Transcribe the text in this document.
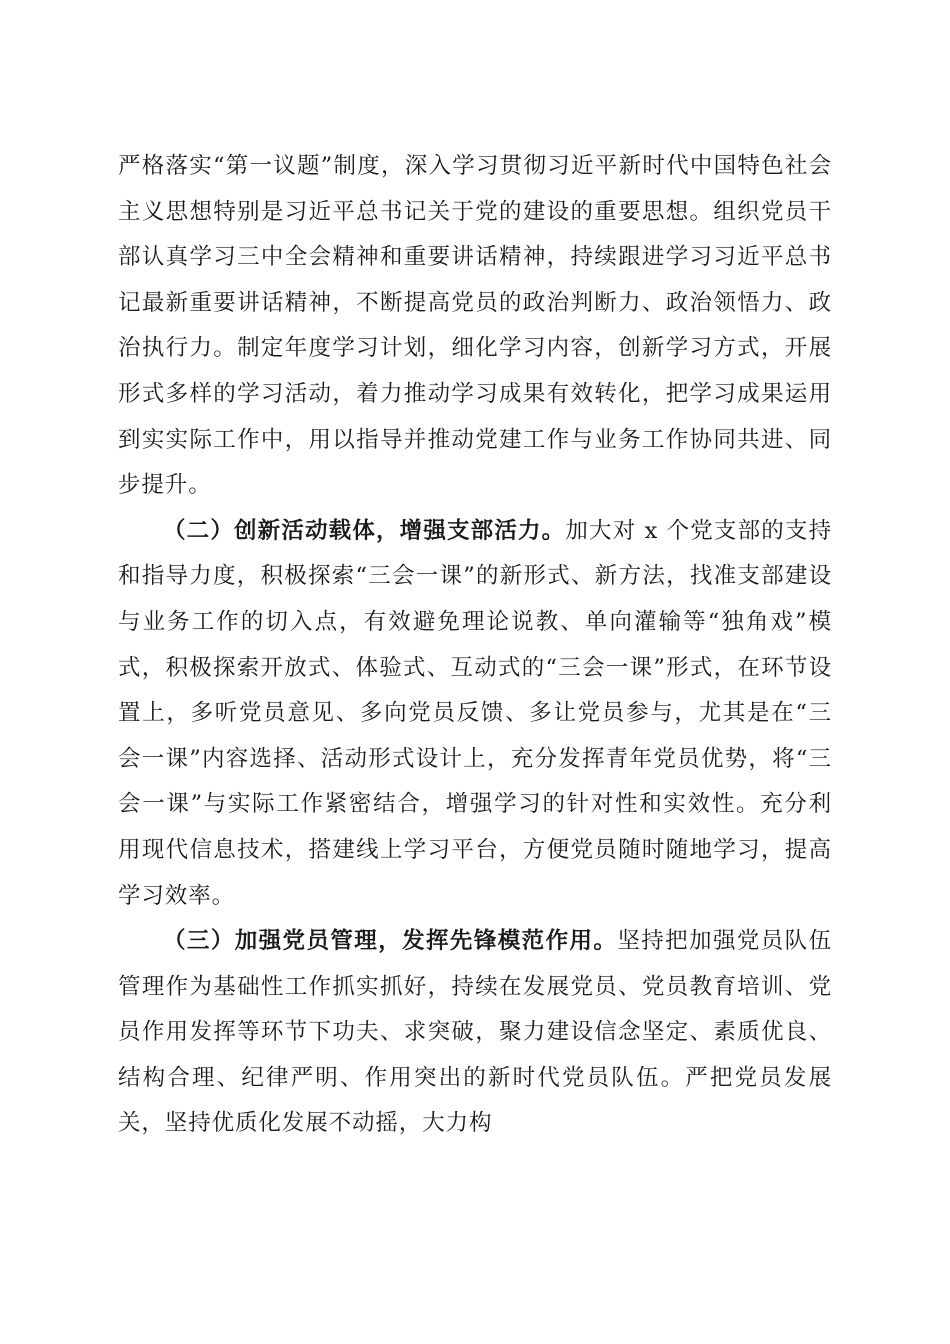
严格落实“第一议题”制度，深入学习贯彻习近平新时代中国特色社会主义思想特别是习近平总书记关于党的建设的重要思想。组织党员干部认真学习三中全会精神和重要讲话精神，持续跟进学习习近平总书记最新重要讲话精神，不断提高党员的政治判断力、政治领悟力、政治执行力。制定年度学习计划，细化学习内容，创新学习方式，开展形式多样的学习活动，着力推动学习成果有效转化，把学习成果运用到实实际工作中，用以指导并推动党建工作与业务工作协同共进、同步提升。

（二）创新活动载体，增强支部活力。加大对 x 个党支部的支持和指导力度，积极探索“三会一课”的新形式、新方法，找准支部建设与业务工作的切入点，有效避免理论说教、单向灌输等“独角戏”模式，积极探索开放式、体验式、互动式的“三会一课”形式，在环节设置上，多听党员意见、多向党员反馈、多让党员参与，尤其是在“三会一课”内容选择、活动形式设计上，充分发挥青年党员优势，将“三会一课”与实际工作紧密结合，增强学习的针对性和实效性。充分利用现代信息技术，搭建线上学习平台，方便党员随时随地学习，提高学习效率。

（三）加强党员管理，发挥先锋模范作用。坚持把加强党员队伍管理作为基础性工作抓实抓好，持续在发展党员、党员教育培训、党员作用发挥等环节下功夫、求突破，聚力建设信念坚定、素质优良、结构合理、纪律严明、作用突出的新时代党员队伍。严把党员发展关，坚持优质化发展不动摇，大力构
